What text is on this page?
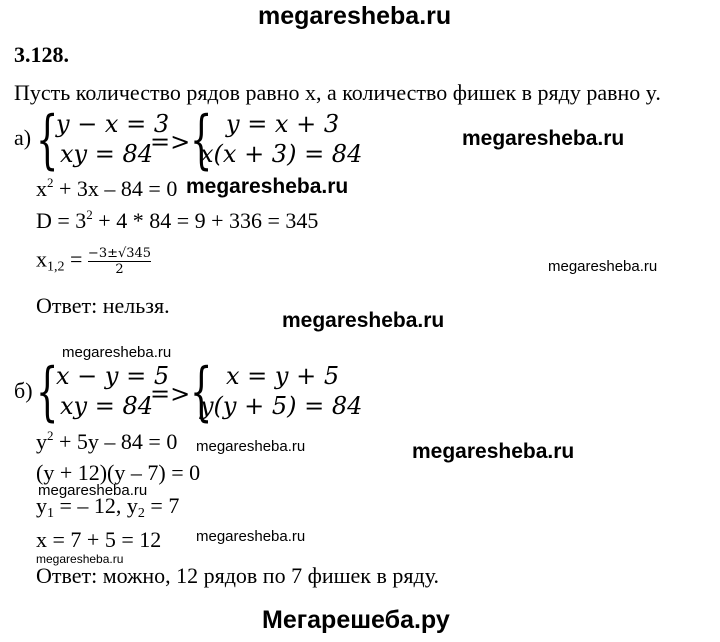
megaresheba.ru
3.128.
Пусть количество рядов равно x, а количество фишек в ряду равно y.
а) {
y − x = 3
xy = 84
=> { y = x + 3
x(x + 3) = 84
megaresheba.ru
$x^2 + 3x - 84 = 0$ megaresheba.ru
$D = 3^2 + 4 * 84 = 9 + 336 = 345$
$x_{1,2} = \frac{-3\pm√345}{2}$	megaresheba.ru
Ответ: нельзя.
megaresheba.ru
megaresheba.ru
б) {
x − y = 5
xy = 84
=> { x = y + 5
y(y + 5) = 84
$y^2 + 5y - 84 = 0$ megaresheba.ru	megaresheba.ru
(y + 12)(y – 7) = 0
megaresheba.ru
$y_1$ = – 12, $y_2 = 7$
x = 7 + 5 = 12 megaresheba.ru
megaresheba.ru
Ответ: можно, 12 рядов по 7 фишек в ряду.
Мегарешеба.ру
